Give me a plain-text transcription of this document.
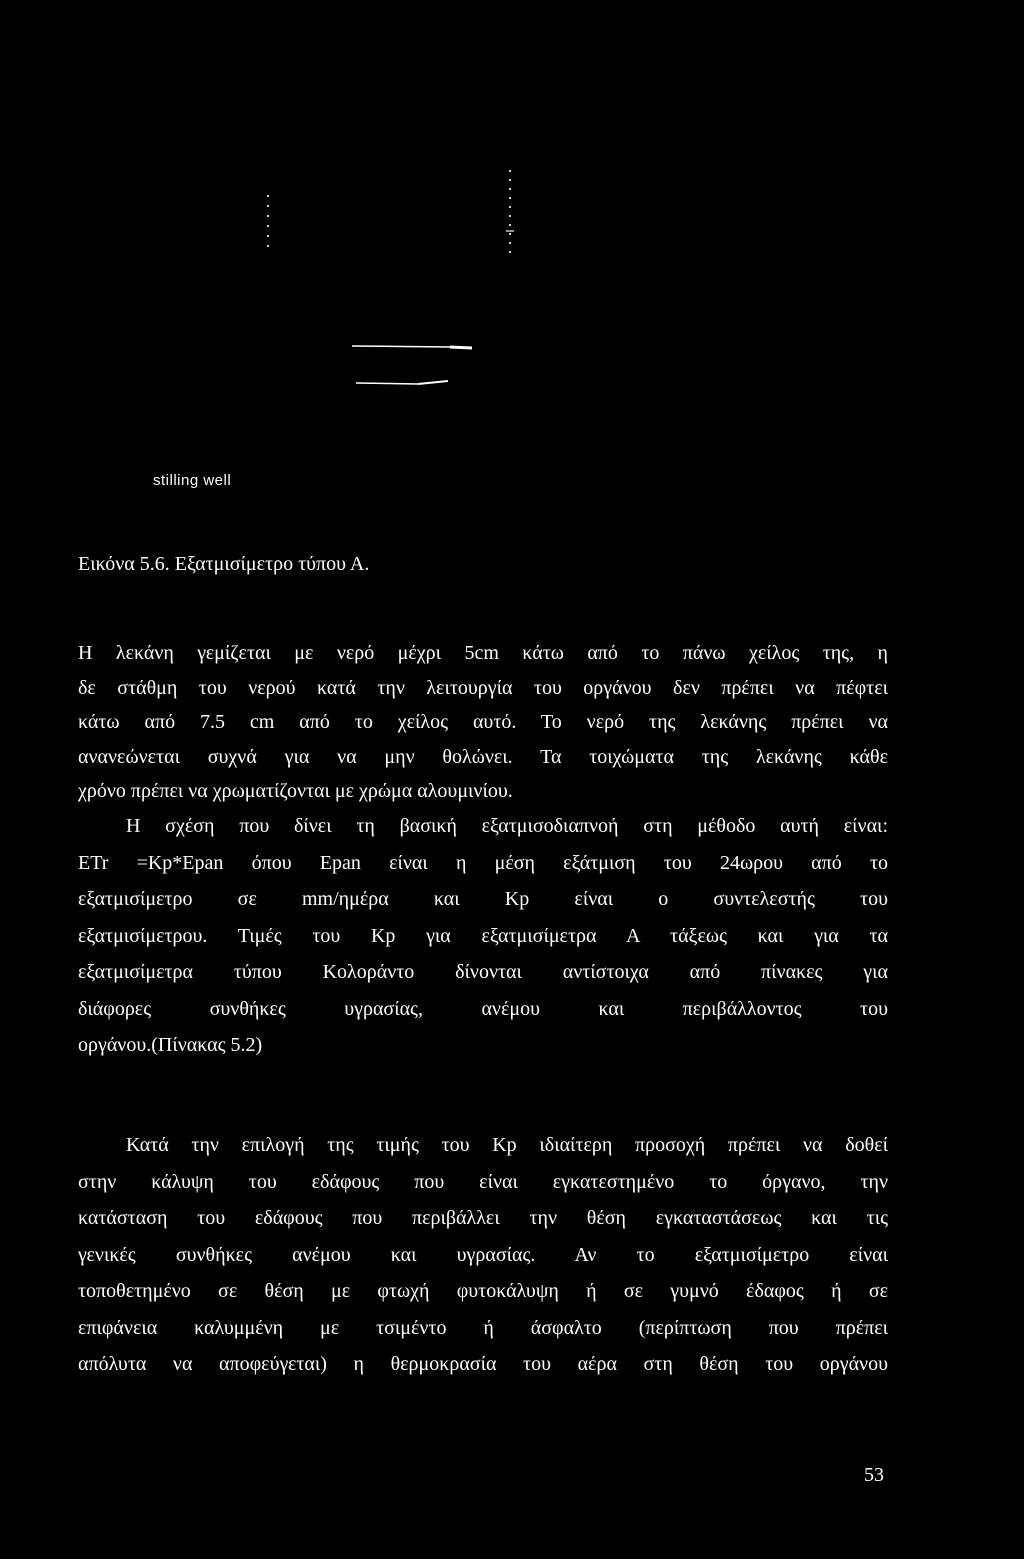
stilling well
Εικόνα 5.6. Εξατμισίμετρο τύπου Α.
Η λεκάνη γεμίζεται με νερό μέχρι 5cm κάτω από το πάνω χείλος της, η
δε στάθμη του νερού κατά την λειτουργία του οργάνου δεν πρέπει να πέφτει
κάτω από 7.5 cm από το χείλος αυτό. Το νερό της λεκάνης πρέπει να
ανανεώνεται συχνά για να μην θολώνει. Τα τοιχώματα της λεκάνης κάθε
χρόνο πρέπει να χρωματίζονται με χρώμα αλουμινίου.
Η σχέση που δίνει τη βασική εξατμισοδιαπνοή στη μέθοδο αυτή είναι:
ETr =Kp*Epan όπου Epan είναι η μέση εξάτμιση του 24ωρου από το
εξατμισίμετρο σε mm/ημέρα και Kp είναι ο συντελεστής του
εξατμισίμετρου. Τιμές του Kp για εξατμισίμετρα Α τάξεως και για τα
εξατμισίμετρα τύπου Κολοράντο δίνονται αντίστοιχα από πίνακες για
διάφορες συνθήκες υγρασίας, ανέμου και περιβάλλοντος του
οργάνου.(Πίνακας 5.2)
Κατά την επιλογή της τιμής του Kp ιδιαίτερη προσοχή πρέπει να δοθεί
στην κάλυψη του εδάφους που είναι εγκατεστημένο το όργανο, την
κατάσταση του εδάφους που περιβάλλει την θέση εγκαταστάσεως και τις
γενικές συνθήκες ανέμου και υγρασίας. Αν το εξατμισίμετρο είναι
τοποθετημένο σε θέση με φτωχή φυτοκάλυψη ή σε γυμνό έδαφος ή σε
επιφάνεια καλυμμένη με τσιμέντο ή άσφαλτο (περίπτωση που πρέπει
απόλυτα να αποφεύγεται) η θερμοκρασία του αέρα στη θέση του οργάνου
53
